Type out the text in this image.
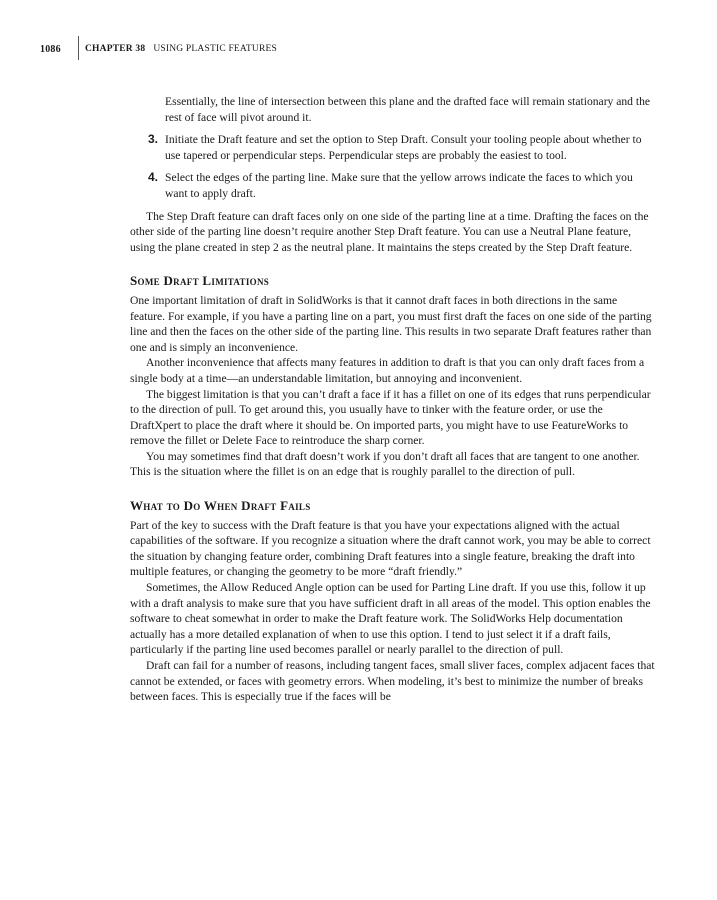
1086	CHAPTER 38 USING PLASTIC FEATURES

Essentially, the line of intersection between this plane and the drafted face will remain stationary and the rest of face will pivot around it.

3. Initiate the Draft feature and set the option to Step Draft. Consult your tooling people about whether to use tapered or perpendicular steps. Perpendicular steps are probably the easiest to tool.
4. Select the edges of the parting line. Make sure that the yellow arrows indicate the faces to which you want to apply draft.

The Step Draft feature can draft faces only on one side of the parting line at a time. Drafting the faces on the other side of the parting line doesn’t require another Step Draft feature. You can use a Neutral Plane feature, using the plane created in step 2 as the neutral plane. It maintains the steps created by the Step Draft feature.

Some Draft Limitations

One important limitation of draft in SolidWorks is that it cannot draft faces in both directions in the same feature. For example, if you have a parting line on a part, you must first draft the faces on one side of the parting line and then the faces on the other side of the parting line. This results in two separate Draft features rather than one and is simply an inconvenience.

Another inconvenience that affects many features in addition to draft is that you can only draft faces from a single body at a time—an understandable limitation, but annoying and inconvenient.

The biggest limitation is that you can’t draft a face if it has a fillet on one of its edges that runs perpendicular to the direction of pull. To get around this, you usually have to tinker with the feature order, or use the DraftXpert to place the draft where it should be. On imported parts, you might have to use FeatureWorks to remove the fillet or Delete Face to reintroduce the sharp corner.

You may sometimes find that draft doesn’t work if you don’t draft all faces that are tangent to one another. This is the situation where the fillet is on an edge that is roughly parallel to the direction of pull.

What to Do When Draft Fails

Part of the key to success with the Draft feature is that you have your expectations aligned with the actual capabilities of the software. If you recognize a situation where the draft cannot work, you may be able to correct the situation by changing feature order, combining Draft features into a single feature, breaking the draft into multiple features, or changing the geometry to be more “draft friendly.”

Sometimes, the Allow Reduced Angle option can be used for Parting Line draft. If you use this, follow it up with a draft analysis to make sure that you have sufficient draft in all areas of the model. This option enables the software to cheat somewhat in order to make the Draft feature work. The SolidWorks Help documentation actually has a more detailed explanation of when to use this option. I tend to just select it if a draft fails, particularly if the parting line used becomes parallel or nearly parallel to the direction of pull.

Draft can fail for a number of reasons, including tangent faces, small sliver faces, complex adjacent faces that cannot be extended, or faces with geometry errors. When modeling, it’s best to minimize the number of breaks between faces. This is especially true if the faces will be
